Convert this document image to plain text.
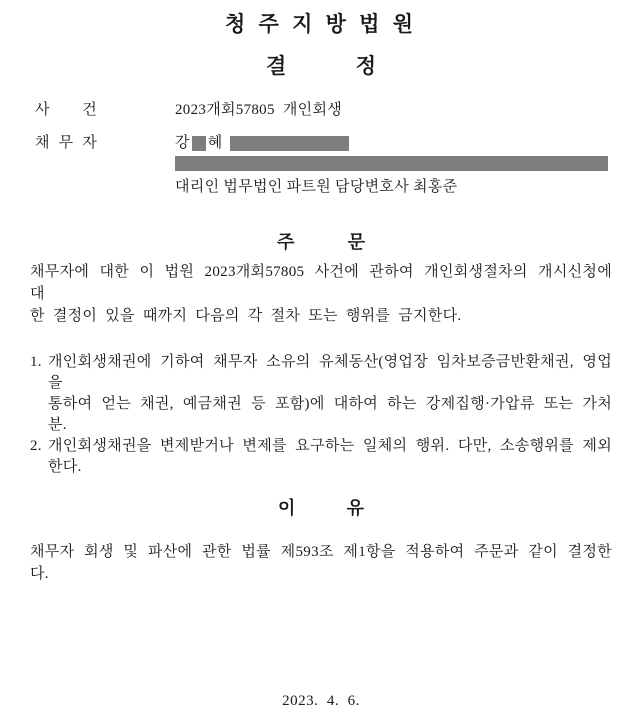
청 주 지 방 법 원
결	정
사 건	2023개회57805  개인회생
채 무 자	강 혜
대리인 법무법인 파트원 담당변호사 최홍준
주	문
채무자에 대한 이 법원 2023개회57805 사건에 관하여 개인회생절차의 개시신청에 대
한 결정이 있을 때까지 다음의 각 절차 또는 행위를 금지한다.
1. 개인회생채권에 기하여 채무자 소유의 유체동산(영업장 임차보증금반환채권, 영업을
통하여 얻는 채권, 예금채권 등 포함)에 대하여 하는 강제집행·가압류 또는 가처분.
2. 개인회생채권을 변제받거나 변제를 요구하는 일체의 행위. 다만, 소송행위를 제외
한다.
이	유
채무자 회생 및 파산에 관한 법률 제593조 제1항을 적용하여 주문과 같이 결정한다.
2023.  4.  6.
